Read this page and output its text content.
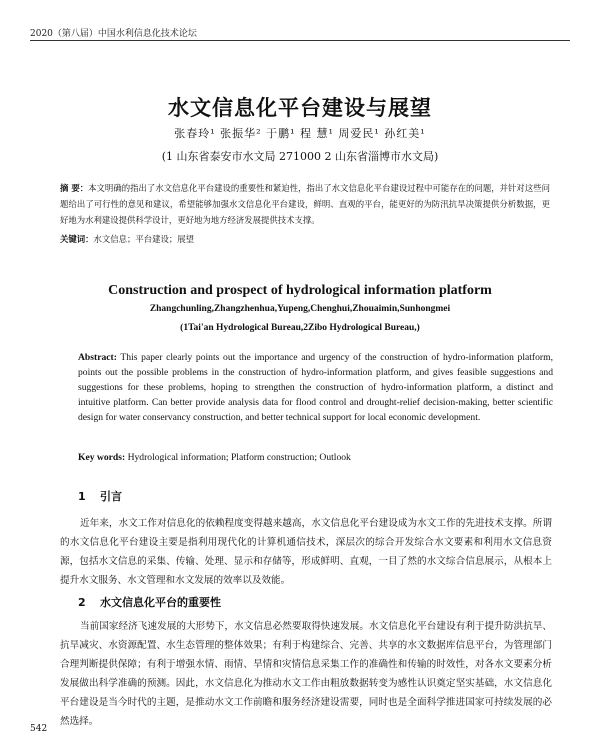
2020（第八届）中国水利信息化技术论坛
水文信息化平台建设与展望
张春玲¹ 张振华² 于鹏¹ 程 慧¹ 周爱民¹ 孙红美¹
(1 山东省泰安市水文局 271000 2 山东省淄博市水文局)
摘 要：本文明确的指出了水文信息化平台建设的重要性和紧迫性，指出了水文信息化平台建设过程中可能存在的问题，并针对这些问题给出了可行性的意见和建议，希望能够加强水文信息化平台建设，鲜明、直观的平台，能更好的为防汛抗旱决策提供分析数据，更好地为水利建设提供科学设计，更好地为地方经济发展提供技术支撑。
关键词：水文信息；平台建设；展望
Construction and prospect of hydrological information platform
Zhangchunling,Zhangzhenhua,Yupeng,Chenghui,Zhouaimin,Sunhongmei
(1Tai'an Hydrological Bureau,2Zibo Hydrological Bureau,)
Abstract: This paper clearly points out the importance and urgency of the construction of hydro-information platform, points out the possible problems in the construction of hydro-information platform, and gives feasible suggestions and suggestions for these problems, hoping to strengthen the construction of hydro-information platform, a distinct and intuitive platform. Can better provide analysis data for flood control and drought-relief decision-making, better scientific design for water conservancy construction, and better technical support for local economic development.
Key words: Hydrological information; Platform construction; Outlook
1 引言
近年来，水文工作对信息化的依赖程度变得越来越高，水文信息化平台建设成为水文工作的先进技术支撑。所谓的水文信息化平台建设主要是指利用现代化的计算机通信技术，深层次的综合开发综合水文要素和利用水文信息资源，包括水文信息的采集、传输、处理、显示和存储等，形成鲜明、直观，一目了然的水文综合信息展示，从根本上提升水文服务、水文管理和水文发展的效率以及效能。
2 水文信息化平台的重要性
当前国家经济飞速发展的大形势下，水文信息必然要取得快速发展。水文信息化平台建设有利于提升防洪抗旱、抗旱减灾、水资源配置、水生态管理的整体效果；有利于构建综合、完善、共享的水文数据库信息平台，为管理部门合理判断提供保障；有利于增强水情、雨情、旱情和灾情信息采集工作的准确性和传输的时效性，对各水文要素分析发展做出科学准确的预测。因此，水文信息化为推动水文工作由粗放数据转变为感性认识奠定坚实基础，水文信息化平台建设是当今时代的主题，是推动水文工作前瞻和服务经济建设需要，同时也是全面科学推进国家可持续发展的必然选择。
542
